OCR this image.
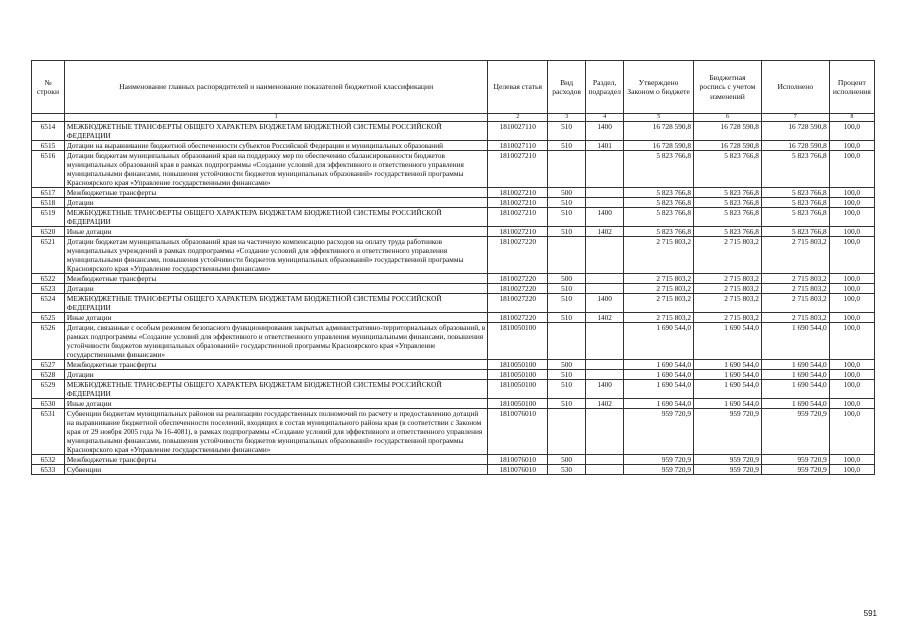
№ строки	Наименование главных распорядителей и наименование показателей бюджетной классификации	Целевая статья	Вид расходов	Раздел, подраздел	Утверждено Законом о бюджете	Бюджетная роспись с учетом изменений	Исполнено	Процент исполнения
	1	2	3	4	5	6	7	8
6514	МЕЖБЮДЖЕТНЫЕ ТРАНСФЕРТЫ ОБЩЕГО ХАРАКТЕРА БЮДЖЕТАМ БЮДЖЕТНОЙ СИСТЕМЫ РОССИЙСКОЙ ФЕДЕРАЦИИ	1810027110	510	1400	16 728 590,8	16 728 590,8	16 728 590,8	100,0
6515	Дотации на выравнивание бюджетной обеспеченности субъектов Российской Федерации и муниципальных образований	1810027110	510	1401	16 728 590,8	16 728 590,8	16 728 590,8	100,0
6516	Дотации бюджетам муниципальных образований края на поддержку мер по обеспечению сбалансированности бюджетов муниципальных образований края в рамках подпрограммы «Создание условий для эффективного и ответственного управления муниципальными финансами, повышения устойчивости бюджетов муниципальных образований» государственной программы Красноярского края «Управление государственными финансами»	1810027210			5 823 766,8	5 823 766,8	5 823 766,8	100,0
6517	Межбюджетные трансферты	1810027210	500		5 823 766,8	5 823 766,8	5 823 766,8	100,0
6518	Дотации	1810027210	510		5 823 766,8	5 823 766,8	5 823 766,8	100,0
6519	МЕЖБЮДЖЕТНЫЕ ТРАНСФЕРТЫ ОБЩЕГО ХАРАКТЕРА БЮДЖЕТАМ БЮДЖЕТНОЙ СИСТЕМЫ РОССИЙСКОЙ ФЕДЕРАЦИИ	1810027210	510	1400	5 823 766,8	5 823 766,8	5 823 766,8	100,0
6520	Иные дотации	1810027210	510	1402	5 823 766,8	5 823 766,8	5 823 766,8	100,0
6521	Дотации бюджетам муниципальных образований края на частичную компенсацию расходов на оплату труда работников муниципальных учреждений в рамках подпрограммы «Создание условий для эффективного и ответственного управления муниципальными финансами, повышения устойчивости бюджетов муниципальных образований» государственной программы Красноярского края «Управление государственными финансами»	1810027220			2 715 803,2	2 715 803,2	2 715 803,2	100,0
6522	Межбюджетные трансферты	1810027220	500		2 715 803,2	2 715 803,2	2 715 803,2	100,0
6523	Дотации	1810027220	510		2 715 803,2	2 715 803,2	2 715 803,2	100,0
6524	МЕЖБЮДЖЕТНЫЕ ТРАНСФЕРТЫ ОБЩЕГО ХАРАКТЕРА БЮДЖЕТАМ БЮДЖЕТНОЙ СИСТЕМЫ РОССИЙСКОЙ ФЕДЕРАЦИИ	1810027220	510	1400	2 715 803,2	2 715 803,2	2 715 803,2	100,0
6525	Иные дотации	1810027220	510	1402	2 715 803,2	2 715 803,2	2 715 803,2	100,0
6526	Дотации, связанные с особым режимом безопасного функционирования закрытых административно-территориальных образований, в рамках подпрограммы «Создание условий для эффективного и ответственного управления муниципальными финансами, повышения устойчивости бюджетов муниципальных образований» государственной программы Красноярского края «Управление государственными финансами»	1810050100			1 690 544,0	1 690 544,0	1 690 544,0	100,0
6527	Межбюджетные трансферты	1810050100	500		1 690 544,0	1 690 544,0	1 690 544,0	100,0
6528	Дотации	1810050100	510		1 690 544,0	1 690 544,0	1 690 544,0	100,0
6529	МЕЖБЮДЖЕТНЫЕ ТРАНСФЕРТЫ ОБЩЕГО ХАРАКТЕРА БЮДЖЕТАМ БЮДЖЕТНОЙ СИСТЕМЫ РОССИЙСКОЙ ФЕДЕРАЦИИ	1810050100	510	1400	1 690 544,0	1 690 544,0	1 690 544,0	100,0
6530	Иные дотации	1810050100	510	1402	1 690 544,0	1 690 544,0	1 690 544,0	100,0
6531	Субвенции бюджетам муниципальных районов на реализацию государственных полномочий по расчету и предоставлению дотаций на выравнивание бюджетной обеспеченности поселений, входящих в состав муниципального района края (в соответствии с Законом края от 29 ноября 2005 года № 16-4081), в рамках подпрограммы «Создание условий для эффективного и ответственного управления муниципальными финансами, повышения устойчивости бюджетов муниципальных образований» государственной программы Красноярского края «Управление государственными финансами»	1810076010			959 720,9	959 720,9	959 720,9	100,0
6532	Межбюджетные трансферты	1810076010	500		959 720,9	959 720,9	959 720,9	100,0
6533	Субвенции	1810076010	530		959 720,9	959 720,9	959 720,9	100,0
591
